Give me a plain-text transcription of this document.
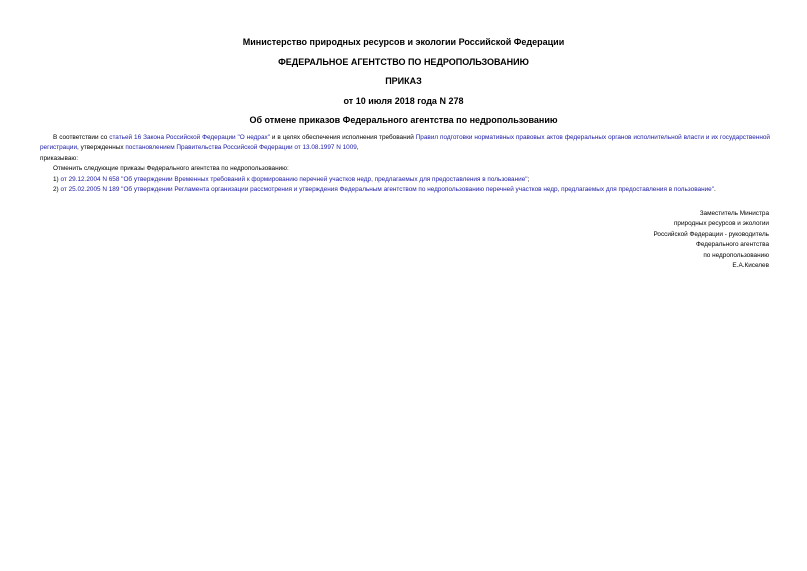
Министерство природных ресурсов и экологии Российской Федерации
ФЕДЕРАЛЬНОЕ АГЕНТСТВО ПО НЕДРОПОЛЬЗОВАНИЮ
ПРИКАЗ
от 10 июля 2018 года N 278
Об отмене приказов Федерального агентства по недропользованию

В соответствии со статьей 16 Закона Российской Федерации "О недрах" и в целях обеспечения исполнения требований Правил подготовки нормативных правовых актов федеральных органов исполнительной власти и их государственной регистрации, утвержденных постановлением Правительства Российской Федерации от 13.08.1997 N 1009,

приказываю:

Отменить следующие приказы Федерального агентства по недропользованию:

1) от 29.12.2004 N 658 "Об утверждении Временных требований к формированию перечней участков недр, предлагаемых для предоставления в пользование";

2) от 25.02.2005 N 189 "Об утверждении Регламента организации рассмотрения и утверждения Федеральным агентством по недропользованию перечней участков недр, предлагаемых для предоставления в пользование".

Заместитель Министра
природных ресурсов и экологии
Российской Федерации - руководитель
Федерального агентства
по недропользованию
Е.А.Киселев
